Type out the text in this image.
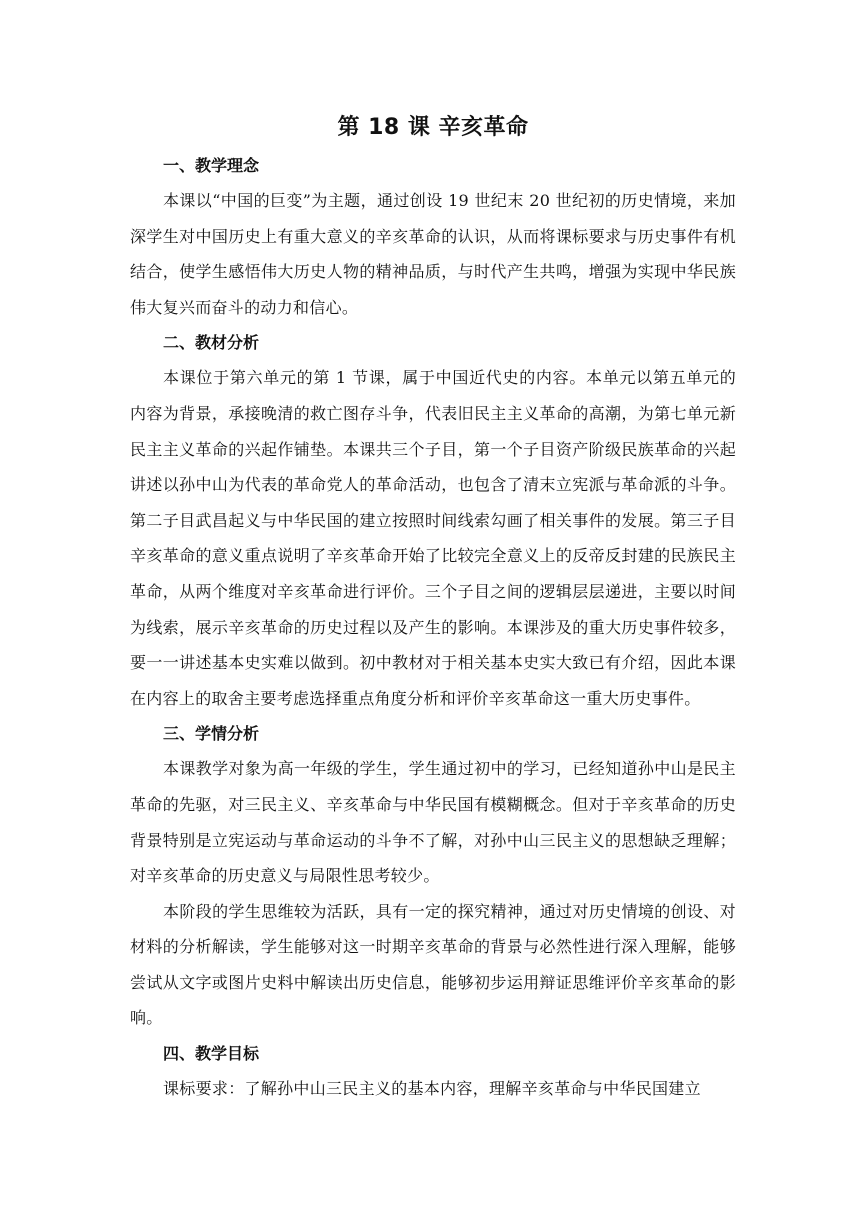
第 18 课 辛亥革命
一、教学理念

本课以“中国的巨变”为主题，通过创设 19 世纪末 20 世纪初的历史情境，来加深学生对中国历史上有重大意义的辛亥革命的认识，从而将课标要求与历史事件有机结合，使学生感悟伟大历史人物的精神品质，与时代产生共鸣，增强为实现中华民族伟大复兴而奋斗的动力和信心。

二、教材分析

本课位于第六单元的第 1 节课，属于中国近代史的内容。本单元以第五单元的内容为背景，承接晚清的救亡图存斗争，代表旧民主主义革命的高潮，为第七单元新民主主义革命的兴起作铺垫。本课共三个子目，第一个子目资产阶级民族革命的兴起讲述以孙中山为代表的革命党人的革命活动，也包含了清末立宪派与革命派的斗争。第二子目武昌起义与中华民国的建立按照时间线索勾画了相关事件的发展。第三子目辛亥革命的意义重点说明了辛亥革命开始了比较完全意义上的反帝反封建的民族民主革命，从两个维度对辛亥革命进行评价。三个子目之间的逻辑层层递进，主要以时间为线索，展示辛亥革命的历史过程以及产生的影响。本课涉及的重大历史事件较多，要一一讲述基本史实难以做到。初中教材对于相关基本史实大致已有介绍，因此本课在内容上的取舍主要考虑选择重点角度分析和评价辛亥革命这一重大历史事件。

三、学情分析

本课教学对象为高一年级的学生，学生通过初中的学习，已经知道孙中山是民主革命的先驱，对三民主义、辛亥革命与中华民国有模糊概念。但对于辛亥革命的历史背景特别是立宪运动与革命运动的斗争不了解，对孙中山三民主义的思想缺乏理解；对辛亥革命的历史意义与局限性思考较少。

本阶段的学生思维较为活跃，具有一定的探究精神，通过对历史情境的创设、对材料的分析解读，学生能够对这一时期辛亥革命的背景与必然性进行深入理解，能够尝试从文字或图片史料中解读出历史信息，能够初步运用辩证思维评价辛亥革命的影响。

四、教学目标

课标要求：了解孙中山三民主义的基本内容，理解辛亥革命与中华民国建立
